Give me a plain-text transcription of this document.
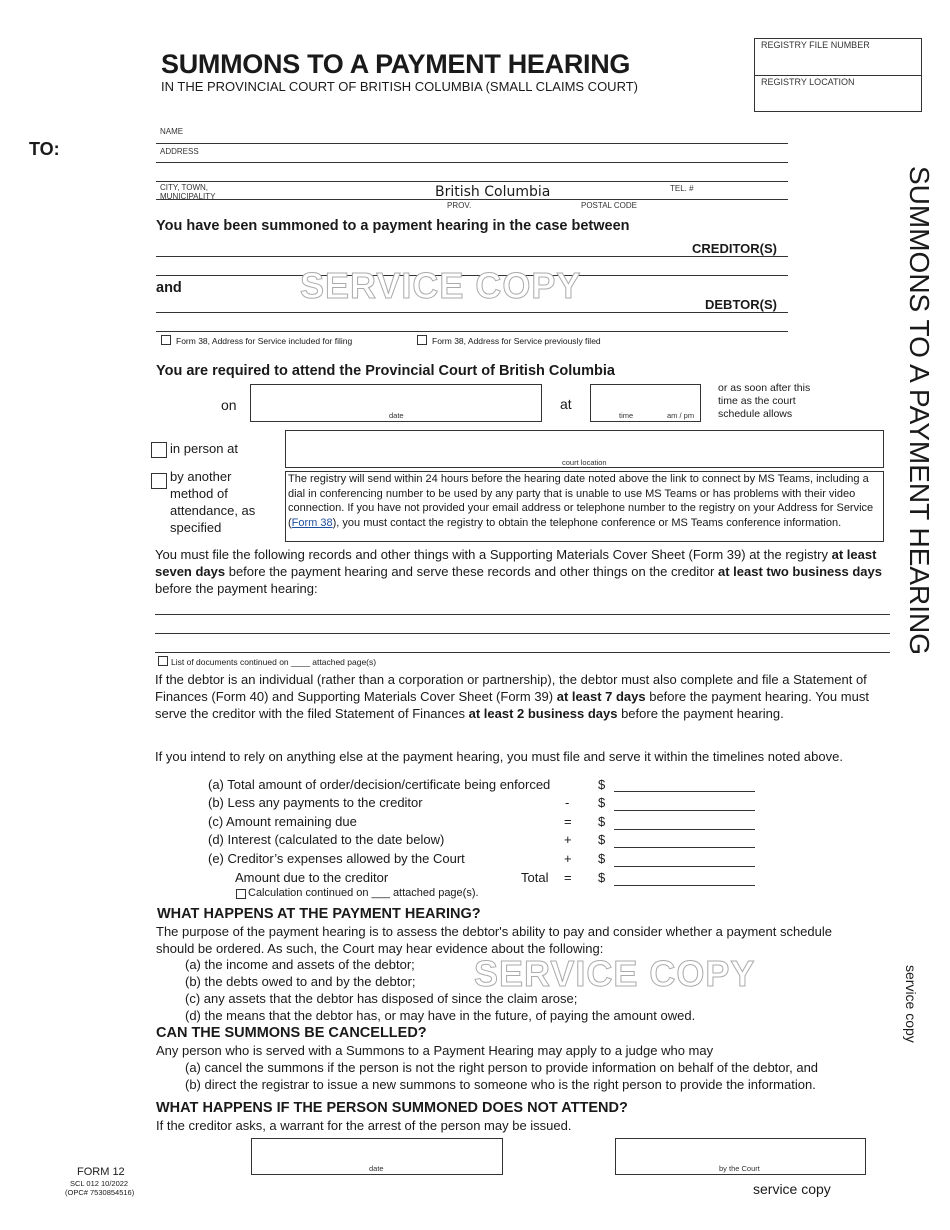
SUMMONS TO A PAYMENT HEARING
IN THE PROVINCIAL COURT OF BRITISH COLUMBIA (SMALL CLAIMS COURT)
REGISTRY FILE NUMBER
REGISTRY LOCATION
SUMMONS TO A PAYMENT HEARING
service copy
TO:
NAME
ADDRESS
CITY, TOWN,
MUNICIPALITY	British Columbia	TEL. #
PROV.	POSTAL CODE
You have been summoned to a payment hearing in the case between
CREDITOR(S)
and	SERVICE COPY	DEBTOR(S)
Form 38, Address for Service included for filing	Form 38, Address for Service previously filed
You are required to attend the Provincial Court of British Columbia
on
date
at
time	am / pm
or as soon after this
time as the court
schedule allows
in person at
court location
by another
method of
attendance, as
specified
The registry will send within 24 hours before the hearing date noted above the link to connect by MS Teams, including a dial in conferencing number to be used by any party that is unable to use MS Teams or has problems with their video connection. If you have not provided your email address or telephone number to the registry on your Address for Service (Form 38), you must contact the registry to obtain the telephone conference or MS Teams conference information.
You must file the following records and other things with a Supporting Materials Cover Sheet (Form 39) at the registry at least seven days before the payment hearing and serve these records and other things on the creditor at least two business days before the payment hearing:
List of documents continued on ____ attached page(s)
If the debtor is an individual (rather than a corporation or partnership), the debtor must also complete and file a Statement of Finances (Form 40) and Supporting Materials Cover Sheet (Form 39) at least 7 days before the payment hearing. You must serve the creditor with the filed Statement of Finances at least 2 business days before the payment hearing.
If you intend to rely on anything else at the payment hearing, you must file and serve it within the timelines noted above.
(a) Total amount of order/decision/certificate being enforced	$
(b) Less any payments to the creditor	- $
(c) Amount remaining due	= $
(d) Interest (calculated to the date below)	+ $
(e) Creditor’s expenses allowed by the Court	+ $
Amount due to the creditor	Total = $
Calculation continued on ___ attached page(s).
WHAT HAPPENS AT THE PAYMENT HEARING?
The purpose of the payment hearing is to assess the debtor's ability to pay and consider whether a payment schedule should be ordered. As such, the Court may hear evidence about the following:
(a) the income and assets of the debtor;
(b) the debts owed to and by the debtor;
(c) any assets that the debtor has disposed of since the claim arose;
(d) the means that the debtor has, or may have in the future, of paying the amount owed.
SERVICE COPY
CAN THE SUMMONS BE CANCELLED?
Any person who is served with a Summons to a Payment Hearing may apply to a judge who may
(a) cancel the summons if the person is not the right person to provide information on behalf of the debtor, and
(b) direct the registrar to issue a new summons to someone who is the right person to provide the information.
WHAT HAPPENS IF THE PERSON SUMMONED DOES NOT ATTEND?
If the creditor asks, a warrant for the arrest of the person may be issued.
FORM 12
SCL 012 10/2022
(OPC# 7530854516)
date	by the Court
service copy
